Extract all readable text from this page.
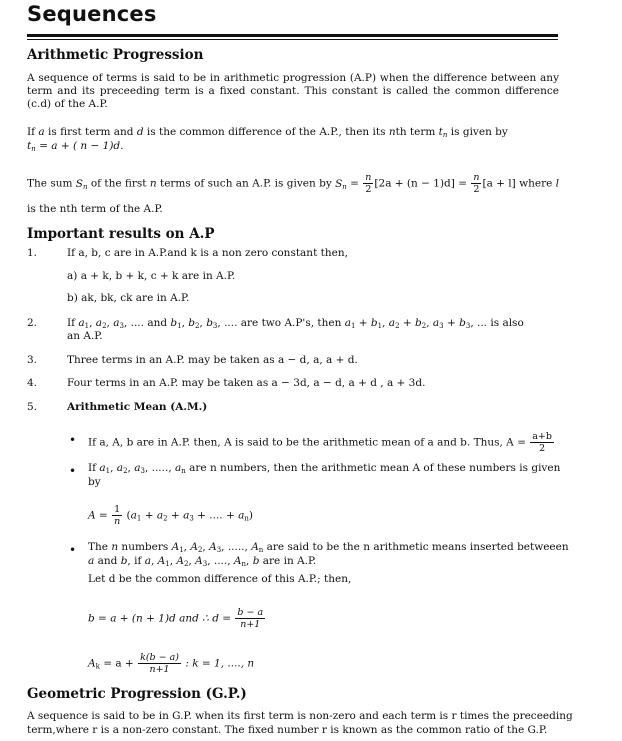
Sequences
Arithmetic Progression
A sequence of terms is said to be in arithmetic progression (A.P) when the difference between any term and its preceeding term is a fixed constant. This constant is called the common difference (c.d) of the A.P.
If a is first term and d is the common difference of the A.P., then its nth term $t_n$ is given by
$t_n = a$ + ( n − 1)d.
The sum $S_n$ of the first n terms of such an A.P. is given by $S_n = \frac{n}{2} [2a + (n - 1)d] = \frac{n}{2} [a + l]$ where l
is the nth term of the A.P.
Important results on A.P
1.	If a, b, c are in A.P.and k is a non zero constant then,
a) a + k, b + k, c + k are in A.P.
b) ak, bk, ck are in A.P.
2.	If $a_1$, $a_2$, $a_3$, .... and $b_1$, $b_2$, $b_3$, .... are two A.P's, then $a_1 + b_1$, $a_2 + b_2$, $a_3 + b_3$, ... is also
an A.P.
3.	Three terms in an A.P. may be taken as a − d, a, a + d.
4.	Four terms in an A.P. may be taken as a − 3d, a − d, a + d , a + 3d.
5.	Arithmetic Mean (A.M.)
• If a, A, b are in A.P. then, A is said to be the arithmetic mean of a and b. Thus, $A = \frac{a+b}{2}$
• If $a_1$, $a_2$, $a_3$, ....., $a_n$ are n numbers, then the arithmetic mean A of these numbers is given
by
$A = \frac{1}{n} (a_1 + a_2 + a_3$ + .... + $a_n$)
• The n numbers $A_1$, $A_2$, $A_3$, ....., $A_n$ are said to be the n arithmetic means inserted betweeen
a and b, if a, $A_1$, $A_2$, $A_3$, ...., $A_n$, b are in A.P.
Let d be the common difference of this A.P.; then,
b = a + (n + 1)d and ∴ $d = \frac{b - a}{n+1}$
$A_k = a + \frac{k(b - a)}{n+1}$ : k = 1, ...., n
Geometric Progression (G.P.)
A sequence is said to be in G.P. when its first term is non-zero and each term is r times the preceeding
term,where r is a non-zero constant. The fixed number r is known as the common ratio of the G.P.
